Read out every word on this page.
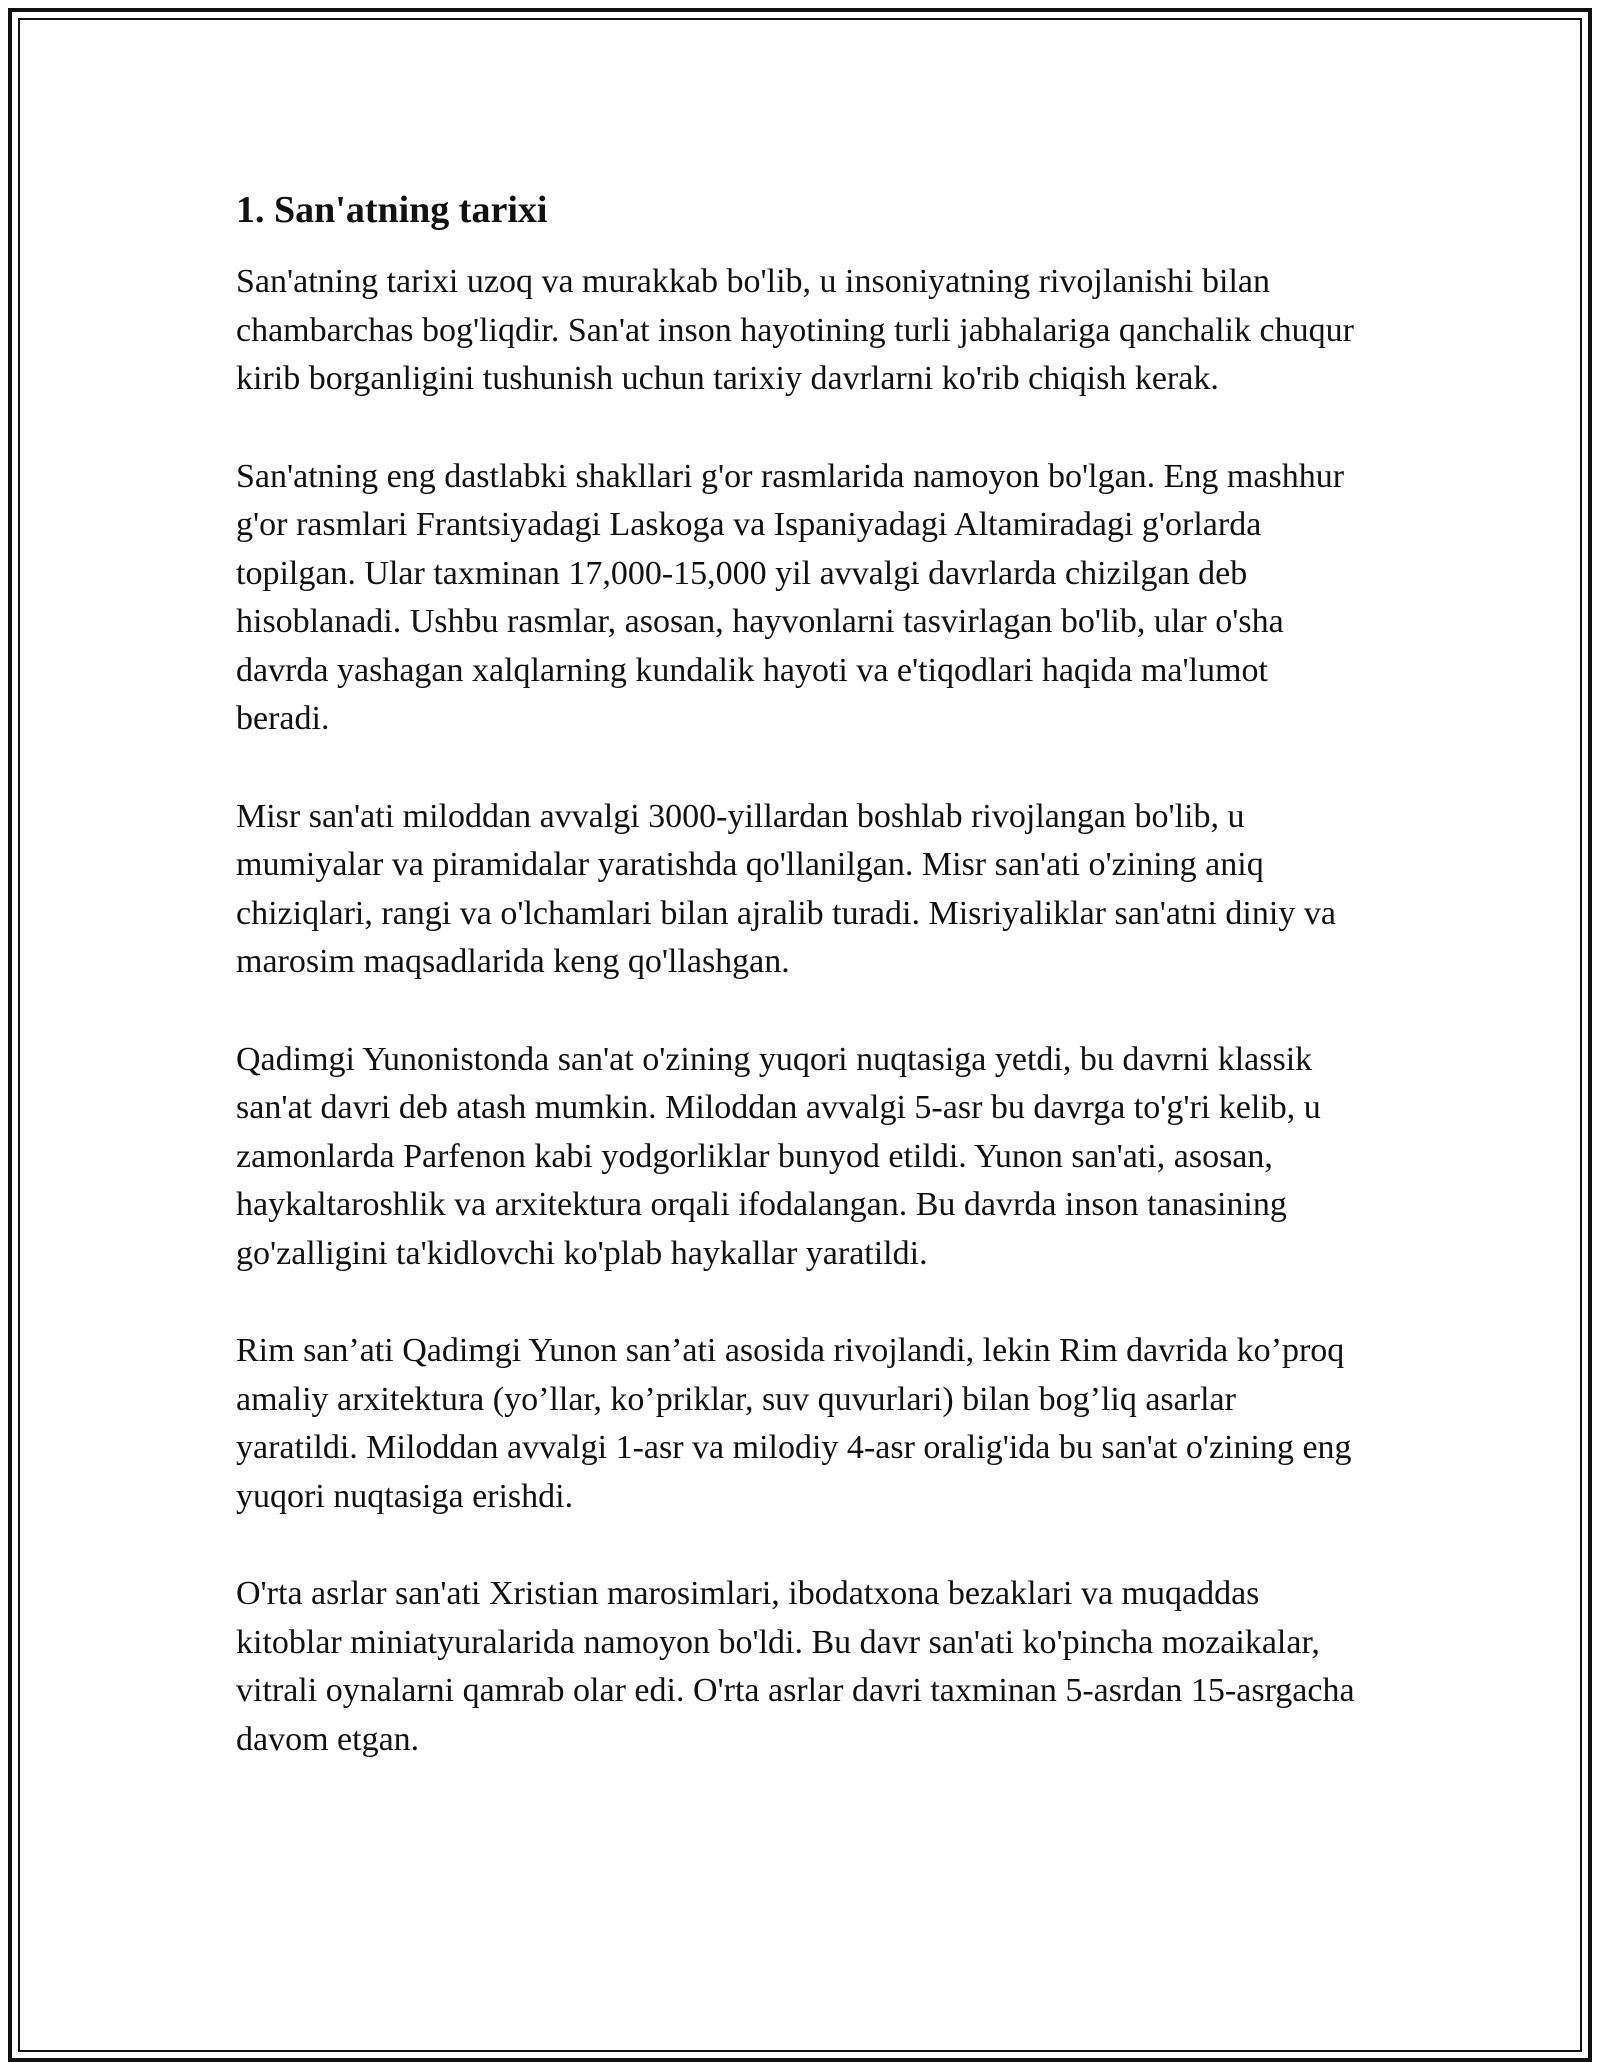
1. San'atning tarixi

San'atning tarixi uzoq va murakkab bo'lib, u insoniyatning rivojlanishi bilan chambarchas bog'liqdir. San'at inson hayotining turli jabhalariga qanchalik chuqur kirib borganligini tushunish uchun tarixiy davrlarni ko'rib chiqish kerak.

San'atning eng dastlabki shakllari g'or rasmlarida namoyon bo'lgan. Eng mashhur g'or rasmlari Frantsiyadagi Laskoga va Ispaniyadagi Altamiradagi g'orlarda topilgan. Ular taxminan 17,000-15,000 yil avvalgi davrlarda chizilgan deb hisoblanadi. Ushbu rasmlar, asosan, hayvonlarni tasvirlagan bo'lib, ular o'sha davrda yashagan xalqlarning kundalik hayoti va e'tiqodlari haqida ma'lumot beradi.

Misr san'ati miloddan avvalgi 3000-yillardan boshlab rivojlangan bo'lib, u mumiyalar va piramidalar yaratishda qo'llanilgan. Misr san'ati o'zining aniq chiziqlari, rangi va o'lchamlari bilan ajralib turadi. Misriyaliklar san'atni diniy va marosim maqsadlarida keng qo'llashgan.

Qadimgi Yunonistonda san'at o'zining yuqori nuqtasiga yetdi, bu davrni klassik san'at davri deb atash mumkin. Miloddan avvalgi 5-asr bu davrga to'g'ri kelib, u zamonlarda Parfenon kabi yodgorliklar bunyod etildi. Yunon san'ati, asosan, haykaltaroshlik va arxitektura orqali ifodalangan. Bu davrda inson tanasining go'zalligini ta'kidlovchi ko'plab haykallar yaratildi.

Rim san’ati Qadimgi Yunon san’ati asosida rivojlandi, lekin Rim davrida ko’proq amaliy arxitektura (yo’llar, ko’priklar, suv quvurlari) bilan bog’liq asarlar yaratildi. Miloddan avvalgi 1-asr va milodiy 4-asr oralig'ida bu san'at o'zining eng yuqori nuqtasiga erishdi.

O'rta asrlar san'ati Xristian marosimlari, ibodatxona bezaklari va muqaddas kitoblar miniatyuralarida namoyon bo'ldi. Bu davr san'ati ko'pincha mozaikalar, vitrali oynalarni qamrab olar edi. O'rta asrlar davri taxminan 5-asrdan 15-asrgacha davom etgan.
